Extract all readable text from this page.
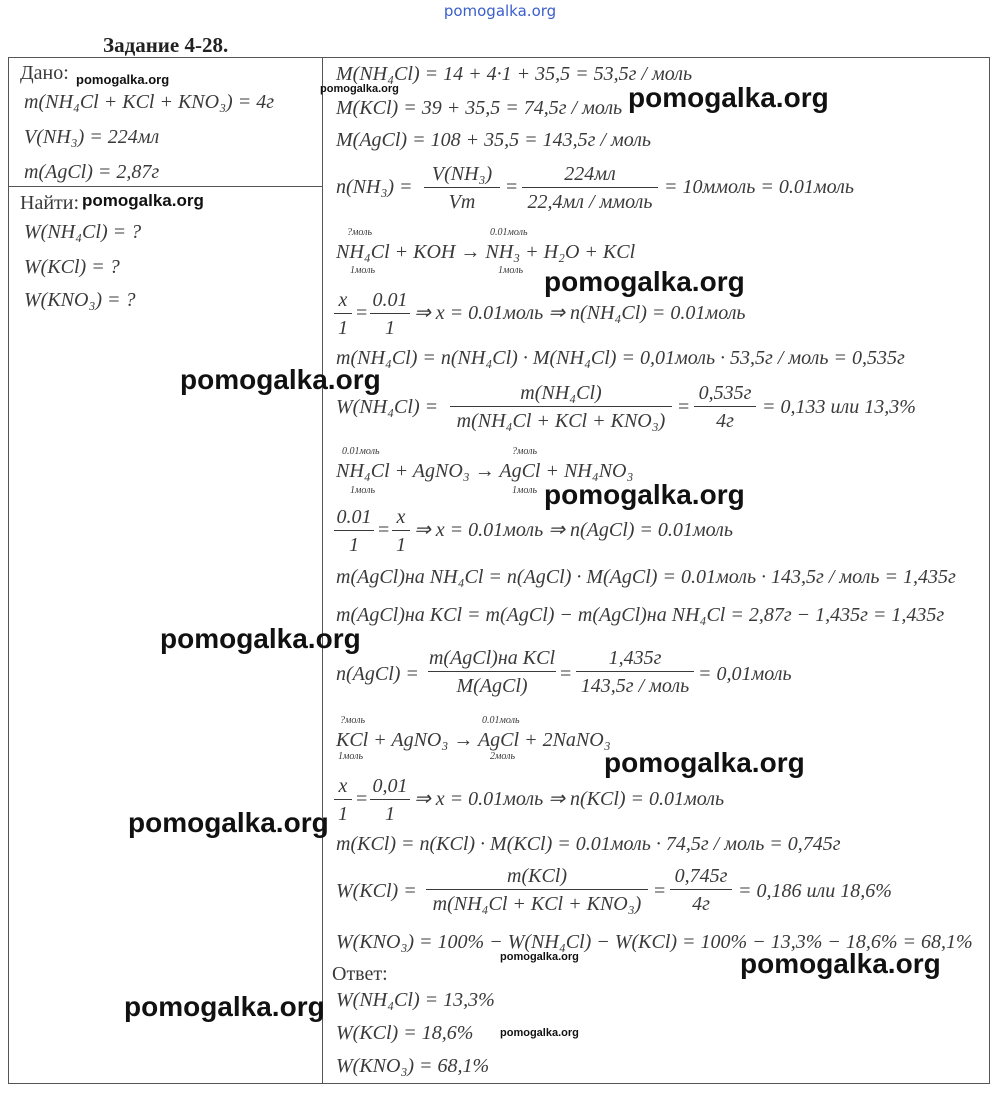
pomogalka.org
Задание 4-28.
Дано:
m(NH₄Cl + KCl + KNO₃) = 4г
V(NH₃) = 224мл
m(AgCl) = 2,87г
Найти:
W(NH₄Cl) = ?
W(KCl) = ?
W(KNO₃) = ?
M(NH₄Cl) = 14 + 4·1 + 35,5 = 53,5г / моль
M(KCl) = 39 + 35,5 = 74,5г / моль
M(AgCl) = 108 + 35,5 = 143,5г / моль
$n(NH_3) = \frac{\text{V(NH₃)}}{Vm}$ =
224мл
22,4мл / ммоль
= 10ммоль = 0.01моль
?моль	0.01моль
NH₄Cl + KOH → NH₃ + H₂O + KCl
1моль	1моль
$\frac{x}{1} = \frac{0.01}{1}$ ⇒ x = 0.01моль ⇒ n(NH₄Cl) = 0.01моль
m(NH₄Cl) = n(NH₄Cl) · M(NH₄Cl) = 0,01моль · 53,5г / моль = 0,535г
W(NH₄Cl) =
m(NH₄Cl)
m(NH₄Cl + KCl + KNO₃)
=
0,535г
4г
= 0,133 или 13,3%
0.01моль	?моль
NH₄Cl + AgNO₃ → AgCl + NH₄NO₃
1моль	1моль
$\frac{0.01}{1} = \frac{x}{1}$ ⇒ x = 0.01моль ⇒ n(AgCl) = 0.01моль
m(AgCl)на NH₄Cl = n(AgCl) · M(AgCl) = 0.01моль · 143,5г / моль = 1,435г
m(AgCl)на KCl = m(AgCl) − m(AgCl)на NH₄Cl = 2,87г − 1,435г = 1,435г
n(AgCl) =
m(AgCl)на KCl
M(AgCl)
=
1,435г
143,5г / моль
= 0,01моль
?моль	0.01моль
KCl + AgNO₃ → AgCl + 2NaNO₃
1моль	2моль
$\frac{x}{1} = \frac{0,01}{1}$ ⇒ x = 0.01моль ⇒ n(KCl) = 0.01моль
m(KCl) = n(KCl) · M(KCl) = 0.01моль · 74,5г / моль = 0,745г
W(KCl) =
m(KCl)
m(NH₄Cl + KCl + KNO₃)
=
0,745г
4г
= 0,186 или 18,6%
W(KNO₃) = 100% − W(NH₄Cl) − W(KCl) = 100% − 13,3% − 18,6% = 68,1%
Ответ:
W(NH₄Cl) = 13,3%
W(KCl) = 18,6%
W(KNO₃) = 68,1%
pomogalka.org
pomogalka.org	pomogalka.org
pomogalka.org
pomogalka.org
pomogalka.org
pomogalka.org
pomogalka.org
pomogalka.org
pomogalka.org
pomogalka.org
pomogalka.org
pomogalka.org
pomogalka.org
